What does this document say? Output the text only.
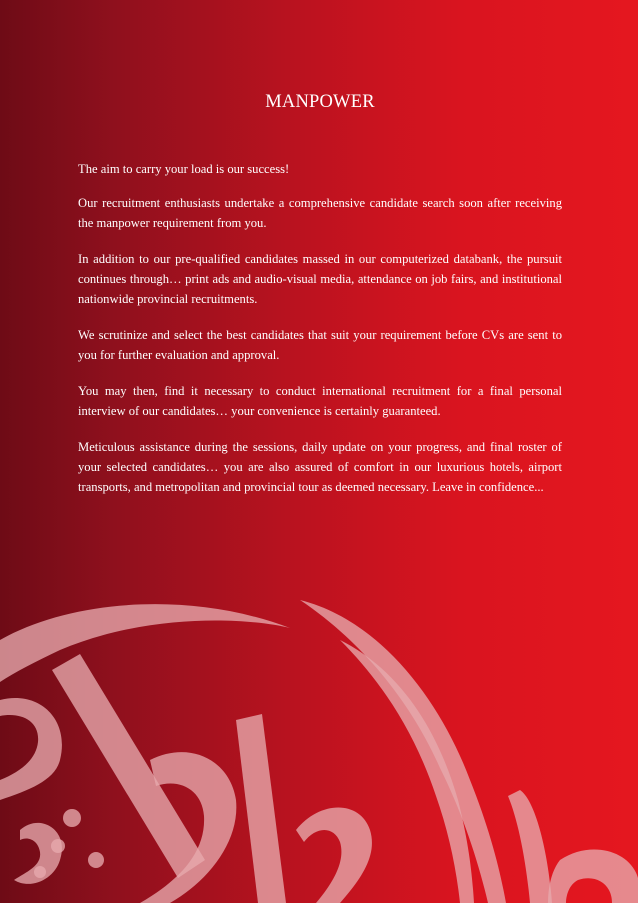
MANPOWER

The aim to carry your load is our success!

Our recruitment enthusiasts undertake a comprehensive candidate search soon after receiving the manpower requirement from you.

In addition to our pre-qualified candidates massed in our computerized databank, the pursuit continues through… print ads and audio-visual media, attendance on job fairs, and institutional nationwide provincial recruitments.

We scrutinize and select the best candidates that suit your requirement before CVs are sent to you for further evaluation and approval.

You may then, find it necessary to conduct international recruitment for a final personal interview of our candidates… your convenience is certainly guaranteed.

Meticulous assistance during the sessions, daily update on your progress, and final roster of your selected candidates… you are also assured of comfort in our luxurious hotels, airport transports, and metropolitan and provincial tour as deemed necessary. Leave in confidence...
